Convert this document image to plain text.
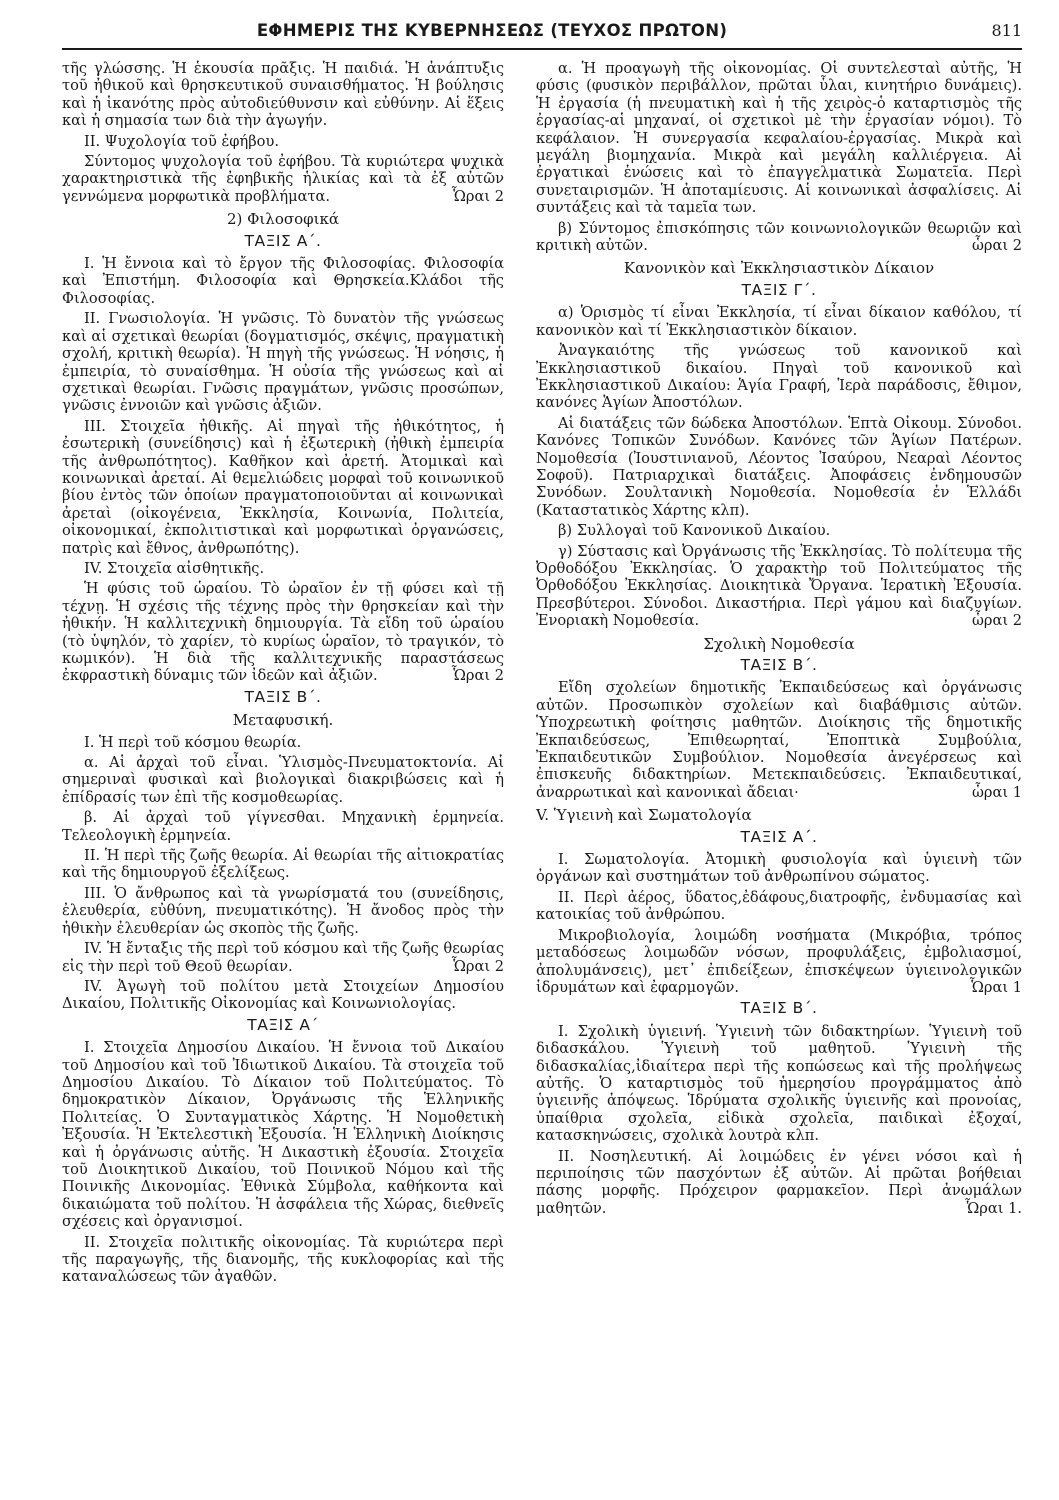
ΕΦΗΜΕΡΙΣ ΤΗΣ ΚΥΒΕΡΝΗΣΕΩΣ (ΤΕΥΧΟΣ ΠΡΩΤΟΝ)	811

τῆς γλώσσης. Ἡ ἑκουσία πρᾶξις. Ἡ παιδιά. Ἡ ἀνάπτυξις τοῦ ἠθικοῦ καὶ θρησκευτικοῦ συναισθήματος. Ἡ βούλησις καὶ ἡ ἱκανότης πρὸς αὐτοδιεύθυνσιν καὶ εὐθύνην. Αἱ ἕξεις καὶ ἡ σημασία των διὰ τὴν ἀγωγήν.

ΙΙ. Ψυχολογία τοῦ ἐφήβου.

Σύντομος ψυχολογία τοῦ ἐφήβου. Τὰ κυριώτερα ψυχικὰ χαρακτηριστικὰ τῆς ἐφηβικῆς ἡλικίας καὶ τὰ ἐξ αὐτῶν γεννώμενα μορφωτικὰ προβλήματα.	Ὧραι 2

2) Φιλοσοφικά
ΤΑΞΙΣ Α΄.

Ι. Ἡ ἔννοια καὶ τὸ ἔργον τῆς Φιλοσοφίας. Φιλοσοφία καὶ Ἐπιστήμη. Φιλοσοφία καὶ Θρησκεία.Κλάδοι τῆς Φιλοσοφίας.

ΙΙ. Γνωσιολογία. Ἡ γνῶσις. Τὸ δυνατὸν τῆς γνώσεως καὶ αἱ σχετικαὶ θεωρίαι (δογματισμός, σκέψις, πραγματικὴ σχολή, κριτικὴ θεωρία). Ἡ πηγὴ τῆς γνώσεως. Ἡ νόησις, ἡ ἐμπειρία, τὸ συναίσθημα. Ἡ οὐσία τῆς γνώσεως καὶ αἱ σχετικαὶ θεωρίαι. Γνῶσις πραγμάτων, γνῶσις προσώπων, γνῶσις ἐννοιῶν καὶ γνῶσις ἀξιῶν.

ΙΙΙ. Στοιχεῖα ἠθικῆς. Αἱ πηγαὶ τῆς ἠθικότητος, ἡ ἐσωτερικὴ (συνείδησις) καὶ ἡ ἐξωτερικὴ (ἠθικὴ ἐμπειρία τῆς ἀνθρωπότητος). Καθῆκον καὶ ἀρετή. Ἀτομικαὶ καὶ κοινωνικαὶ ἀρεταί. Αἱ θεμελιώδεις μορφαὶ τοῦ κοινωνικοῦ βίου ἐντὸς τῶν ὁποίων πραγματοποιοῦνται αἱ κοινωνικαὶ ἀρεταὶ (οἰκογένεια, Ἐκκλησία, Κοινωνία, Πολιτεία, οἰκονομικαί, ἐκπολιτιστικαὶ καὶ μορφωτικαὶ ὀργανώσεις, πατρὶς καὶ ἔθνος, ἀνθρωπότης).

ΙV. Στοιχεῖα αἰσθητικῆς.

Ἡ φύσις τοῦ ὡραίου. Τὸ ὡραῖον ἐν τῇ φύσει καὶ τῇ τέχνῃ. Ἡ σχέσις τῆς τέχνης πρὸς τὴν θρησκείαν καὶ τὴν ἠθικήν. Ἡ καλλιτεχνικὴ δημιουργία. Τὰ εἴδη τοῦ ὡραίου (τὸ ὑψηλόν, τὸ χαρίεν, τὸ κυρίως ὡραῖον, τὸ τραγικόν, τὸ κωμικόν). Ἡ διὰ τῆς καλλιτεχνικῆς παραστάσεως ἐκφραστικὴ δύναμις τῶν ἰδεῶν καὶ ἀξιῶν.	Ὧραι 2

ΤΑΞΙΣ Β΄.
Μεταφυσική.

Ι. Ἡ περὶ τοῦ κόσμου θεωρία.

α. Αἱ ἀρχαὶ τοῦ εἶναι. Ὑλισμὸς-Πνευματοκτονία. Αἱ σημεριναὶ φυσικαὶ καὶ βιολογικαὶ διακριβώσεις καὶ ἡ ἐπίδρασίς των ἐπὶ τῆς κοσμοθεωρίας.

β. Αἱ ἀρχαὶ τοῦ γίγνεσθαι. Μηχανικὴ ἑρμηνεία. Τελεολογικὴ ἑρμηνεία.

ΙΙ. Ἡ περὶ τῆς ζωῆς θεωρία. Αἱ θεωρίαι τῆς αἰτιοκρατίας καὶ τῆς δημιουργοῦ ἐξελίξεως.

ΙΙΙ. Ὁ ἄνθρωπος καὶ τὰ γνωρίσματά του (συνείδησις, ἐλευθερία, εὐθύνη, πνευματικότης). Ἡ ἄνοδος πρὸς τὴν ἠθικὴν ἐλευθερίαν ὡς σκοπὸς τῆς ζωῆς.

ΙV. Ἡ ἔνταξις τῆς περὶ τοῦ κόσμου καὶ τῆς ζωῆς θεωρίας εἰς τὴν περὶ τοῦ Θεοῦ θεωρίαν.	Ὧραι 2

ΙV. Ἀγωγὴ τοῦ πολίτου μετὰ Στοιχείων Δημοσίου Δικαίου, Πολιτικῆς Οἰκονομίας καὶ Κοινωνιολογίας.

ΤΑΞΙΣ Α΄

Ι. Στοιχεῖα Δημοσίου Δικαίου. Ἡ ἔννοια τοῦ Δικαίου τοῦ Δημοσίου καὶ τοῦ Ἰδιωτικοῦ Δικαίου. Τὰ στοιχεῖα τοῦ Δημοσίου Δικαίου. Τὸ Δίκαιον τοῦ Πολιτεύματος. Τὸ δημοκρατικὸν Δίκαιον, Ὀργάνωσις τῆς Ἑλληνικῆς Πολιτείας. Ὁ Συνταγματικὸς Χάρτης. Ἡ Νομοθετικὴ Ἐξουσία. Ἡ Ἐκτελεστικὴ Ἐξουσία. Ἡ Ἑλληνικὴ Διοίκησις καὶ ἡ ὀργάνωσις αὐτῆς. Ἡ Δικαστικὴ ἐξουσία. Στοιχεῖα τοῦ Διοικητικοῦ Δικαίου, τοῦ Ποινικοῦ Νόμου καὶ τῆς Ποινικῆς Δικονομίας. Ἐθνικὰ Σύμβολα, καθήκοντα καὶ δικαιώματα τοῦ πολίτου. Ἡ ἀσφάλεια τῆς Χώρας, διεθνεῖς σχέσεις καὶ ὀργανισμοί.

ΙΙ. Στοιχεῖα πολιτικῆς οἰκονομίας. Τὰ κυριώτερα περὶ τῆς παραγωγῆς, τῆς διανομῆς, τῆς κυκλοφορίας καὶ τῆς καταναλώσεως τῶν ἀγαθῶν.

α. Ἡ προαγωγὴ τῆς οἰκονομίας. Οἱ συντελεσταὶ αὐτῆς, Ἡ φύσις (φυσικὸν περιβάλλον, πρῶται ὗλαι, κινητήριο δυνάμεις). Ἡ ἐργασία (ἡ πνευματικὴ καὶ ἡ τῆς χειρὸς-ὁ καταρτισμὸς τῆς ἐργασίας-αἱ μηχαναί, οἱ σχετικοὶ μὲ τὴν ἐργασίαν νόμοι). Τὸ κεφάλαιον. Ἡ συνεργασία κεφαλαίου-ἐργασίας. Μικρὰ καὶ μεγάλη βιομηχανία. Μικρὰ καὶ μεγάλη καλλιέργεια. Αἱ ἐργατικαὶ ἑνώσεις καὶ τὸ ἐπαγγελματικὰ Σωματεῖα. Περὶ συνεταιρισμῶν. Ἡ ἀποταμίευσις. Αἱ κοινωνικαὶ ἀσφαλίσεις. Αἱ συντάξεις καὶ τὰ ταμεῖα των.

β) Σύντομος ἐπισκόπησις τῶν κοινωνιολογικῶν θεωριῶν καὶ κριτικὴ αὐτῶν.	ὧραι 2

Κανονικὸν καὶ Ἐκκλησιαστικὸν Δίκαιον
ΤΑΞΙΣ Γ΄.

α) Ὁρισμὸς τί εἶναι Ἐκκλησία, τί εἶναι δίκαιον καθόλου, τί κανονικὸν καὶ τί Ἐκκλησιαστικὸν δίκαιον.

Ἀναγκαιότης τῆς γνώσεως τοῦ κανονικοῦ καὶ Ἐκκλησιαστικοῦ δικαίου. Πηγαὶ τοῦ κανονικοῦ καὶ Ἐκκλησιαστικοῦ Δικαίου: Ἁγία Γραφή, Ἱερὰ παράδοσις, ἔθιμον, κανόνες Ἁγίων Ἀποστόλων.

Αἱ διατάξεις τῶν δώδεκα Ἀποστόλων. Ἑπτὰ Οἰκουμ. Σύνοδοι. Κανόνες Τοπικῶν Συνόδων. Κανόνες τῶν Ἁγίων Πατέρων. Νομοθεσία (Ἰουστινιανοῦ, Λέοντος Ἰσαύρου, Νεαραὶ Λέοντος Σοφοῦ). Πατριαρχικαὶ διατάξεις. Ἀποφάσεις ἐνδημουσῶν Συνόδων. Σουλτανικὴ Νομοθεσία. Νομοθεσία ἐν Ἑλλάδι (Καταστατικὸς Χάρτης κλπ).

β) Συλλογαὶ τοῦ Κανονικοῦ Δικαίου.

γ) Σύστασις καὶ Ὀργάνωσις τῆς Ἐκκλησίας. Τὸ πολίτευμα τῆς Ὀρθοδόξου Ἐκκλησίας. Ὁ χαρακτὴρ τοῦ Πολιτεύματος τῆς Ὀρθοδόξου Ἐκκλησίας. Διοικητικὰ Ὄργανα. Ἱερατικὴ Ἐξουσία. Πρεσβύτεροι. Σύνοδοι. Δικαστήρια. Περὶ γάμου καὶ διαζυγίων. Ἐνοριακὴ Νομοθεσία.	ὧραι 2

Σχολικὴ Νομοθεσία
ΤΑΞΙΣ Β΄.

Εἴδη σχολείων δημοτικῆς Ἐκπαιδεύσεως καὶ ὀργάνωσις αὐτῶν. Προσωπικὸν σχολείων καὶ διαβάθμισις αὐτῶν. Ὑποχρεωτικὴ φοίτησις μαθητῶν. Διοίκησις τῆς δημοτικῆς Ἐκπαιδεύσεως, Ἐπιθεωρηταί, Ἐποπτικὰ Συμβούλια, Ἐκπαιδευτικῶν Συμβούλιον. Νομοθεσία ἀνεγέρσεως καὶ ἐπισκευῆς διδακτηρίων. Μετεκπαιδεύσεις. Ἐκπαιδευτικαί, ἀναρρωτικαὶ καὶ κανονικαὶ ἄδειαι·	ὧραι 1

V. Ὑγιεινὴ καὶ Σωματολογία
ΤΑΞΙΣ Α΄.

Ι. Σωματολογία. Ἀτομικὴ φυσιολογία καὶ ὑγιεινὴ τῶν ὀργάνων καὶ συστημάτων τοῦ ἀνθρωπίνου σώματος.

ΙΙ. Περὶ ἀέρος, ὕδατος,ἐδάφους,διατροφῆς, ἐνδυμασίας καὶ κατοικίας τοῦ ἀνθρώπου.

Μικροβιολογία, λοιμώδη νοσήματα (Μικρόβια, τρόπος μεταδόσεως λοιμωδῶν νόσων, προφυλάξεις, ἐμβολιασμοί, ἀπολυμάνσεις), μετ᾿ ἐπιδείξεων, ἐπισκέψεων ὑγιεινολογικῶν ἱδρυμάτων καὶ ἐφαρμογῶν.	Ὧραι 1

ΤΑΞΙΣ Β΄.

Ι. Σχολικὴ ὑγιεινή. Ὑγιεινὴ τῶν διδακτηρίων. Ὑγιεινὴ τοῦ διδασκάλου. Ὑγιεινὴ τοῦ μαθητοῦ. Ὑγιεινὴ τῆς διδασκαλίας,ἰδιαίτερα περὶ τῆς κοπώσεως καὶ τῆς προλήψεως αὐτῆς. Ὁ καταρτισμὸς τοῦ ἡμερησίου προγράμματος ἀπὸ ὑγιεινῆς ἀπόψεως. Ἱδρύματα σχολικῆς ὑγιεινῆς καὶ προνοίας, ὑπαίθρια σχολεῖα, εἰδικὰ σχολεῖα, παιδικαὶ ἐξοχαί, κατασκηνώσεις, σχολικὰ λουτρὰ κλπ.

ΙΙ. Νοσηλευτική. Αἱ λοιμώδεις ἐν γένει νόσοι καὶ ἡ περιποίησις τῶν πασχόντων ἐξ αὐτῶν. Αἱ πρῶται βοήθειαι πάσης μορφῆς. Πρόχειρον φαρμακεῖον. Περὶ ἀνωμάλων μαθητῶν.	Ὧραι 1.
